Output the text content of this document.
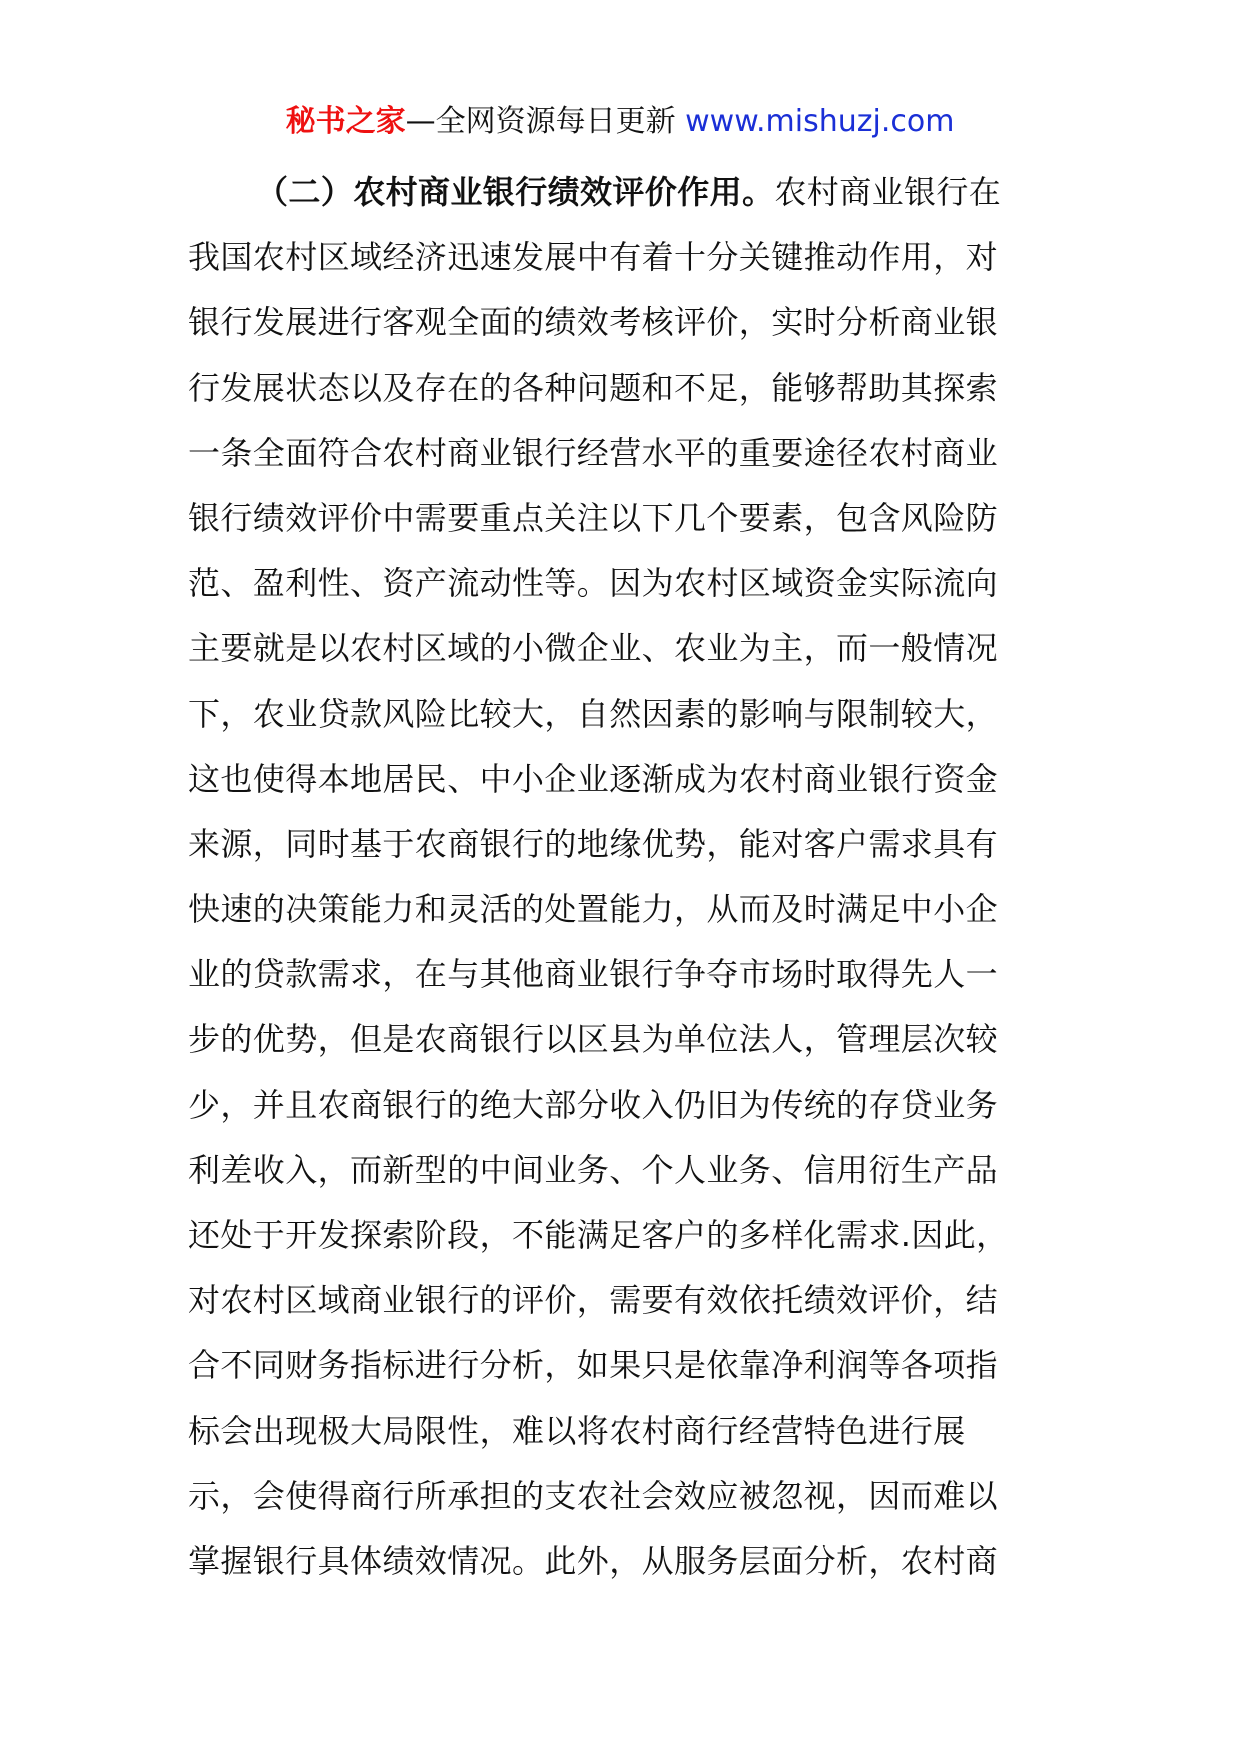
秘书之家—全网资源每日更新 www.mishuzj.com
（二）农村商业银行绩效评价作用。农村商业银行在
我国农村区域经济迅速发展中有着十分关键推动作用，对
银行发展进行客观全面的绩效考核评价，实时分析商业银
行发展状态以及存在的各种问题和不足，能够帮助其探索
一条全面符合农村商业银行经营水平的重要途径农村商业
银行绩效评价中需要重点关注以下几个要素，包含风险防
范、盈利性、资产流动性等。因为农村区域资金实际流向
主要就是以农村区域的小微企业、农业为主，而一般情况
下，农业贷款风险比较大，自然因素的影响与限制较大，
这也使得本地居民、中小企业逐渐成为农村商业银行资金
来源，同时基于农商银行的地缘优势，能对客户需求具有
快速的决策能力和灵活的处置能力，从而及时满足中小企
业的贷款需求，在与其他商业银行争夺市场时取得先人一
步的优势，但是农商银行以区县为单位法人，管理层次较
少，并且农商银行的绝大部分收入仍旧为传统的存贷业务
利差收入，而新型的中间业务、个人业务、信用衍生产品
还处于开发探索阶段，不能满足客户的多样化需求.因此，
对农村区域商业银行的评价，需要有效依托绩效评价，结
合不同财务指标进行分析，如果只是依靠净利润等各项指
标会出现极大局限性，难以将农村商行经营特色进行展
示，会使得商行所承担的支农社会效应被忽视，因而难以
掌握银行具体绩效情况。此外，从服务层面分析，农村商
